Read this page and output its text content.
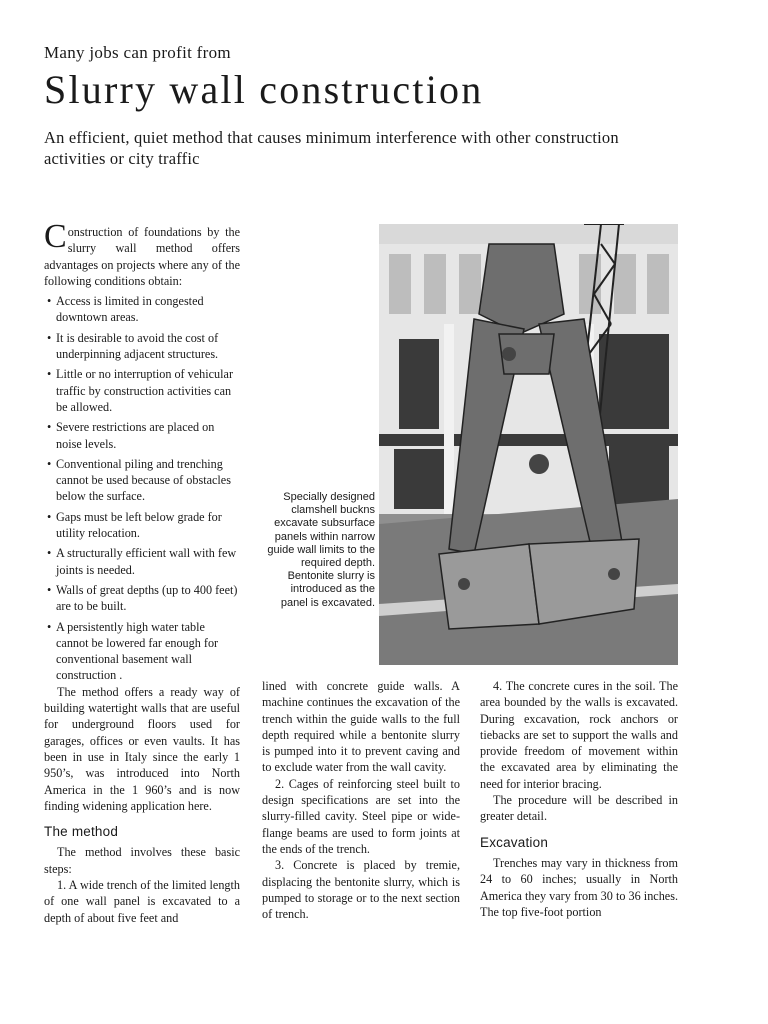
Many jobs can profit from
Slurry wall construction
An efficient, quiet method that causes minimum interference with other construction activities or city traffic

Construction of foundations by the slurry wall method offers advantages on projects where any of the following conditions obtain:

• Access is limited in congested downtown areas.
• It is desirable to avoid the cost of underpinning adjacent structures.
• Little or no interruption of vehicular traffic by construction activities can be allowed.
• Severe restrictions are placed on noise levels.
• Conventional piling and trenching cannot be used because of obstacles below the surface.
• Gaps must be left below grade for utility relocation.
• A structurally efficient wall with few joints is needed.
• Walls of great depths (up to 400 feet) are to be built.
• A persistently high water table cannot be lowered far enough for conventional basement wall construction .

The method offers a ready way of building watertight walls that are useful for underground floors used for garages, offices or even vaults. It has been in use in Italy since the early 1 950’s, was introduced into North America in the 1 960’s and is now finding widening application here.

The method

The method involves these basic steps:

1. A wide trench of the limited length of one wall panel is excavated to a depth of about five feet and

Specially designed clamshell buckns excavate subsurface panels within narrow guide wall limits to the required depth. Bentonite slurry is introduced as the panel is excavated.

lined with concrete guide walls. A machine continues the excavation of the trench within the guide walls to the full depth required while a bentonite slurry is pumped into it to prevent caving and to exclude water from the wall cavity.

2. Cages of reinforcing steel built to design specifications are set into the slurry-filled cavity. Steel pipe or wide-flange beams are used to form joints at the ends of the trench.

3. Concrete is placed by tremie, displacing the bentonite slurry, which is pumped to storage or to the next section of trench.

4. The concrete cures in the soil. The area bounded by the walls is excavated. During excavation, rock anchors or tiebacks are set to support the walls and provide freedom of movement within the excavated area by eliminating the need for interior bracing.

The procedure will be described in greater detail.

Excavation

Trenches may vary in thickness from 24 to 60 inches; usually in North America they vary from 30 to 36 inches. The top five-foot portion
